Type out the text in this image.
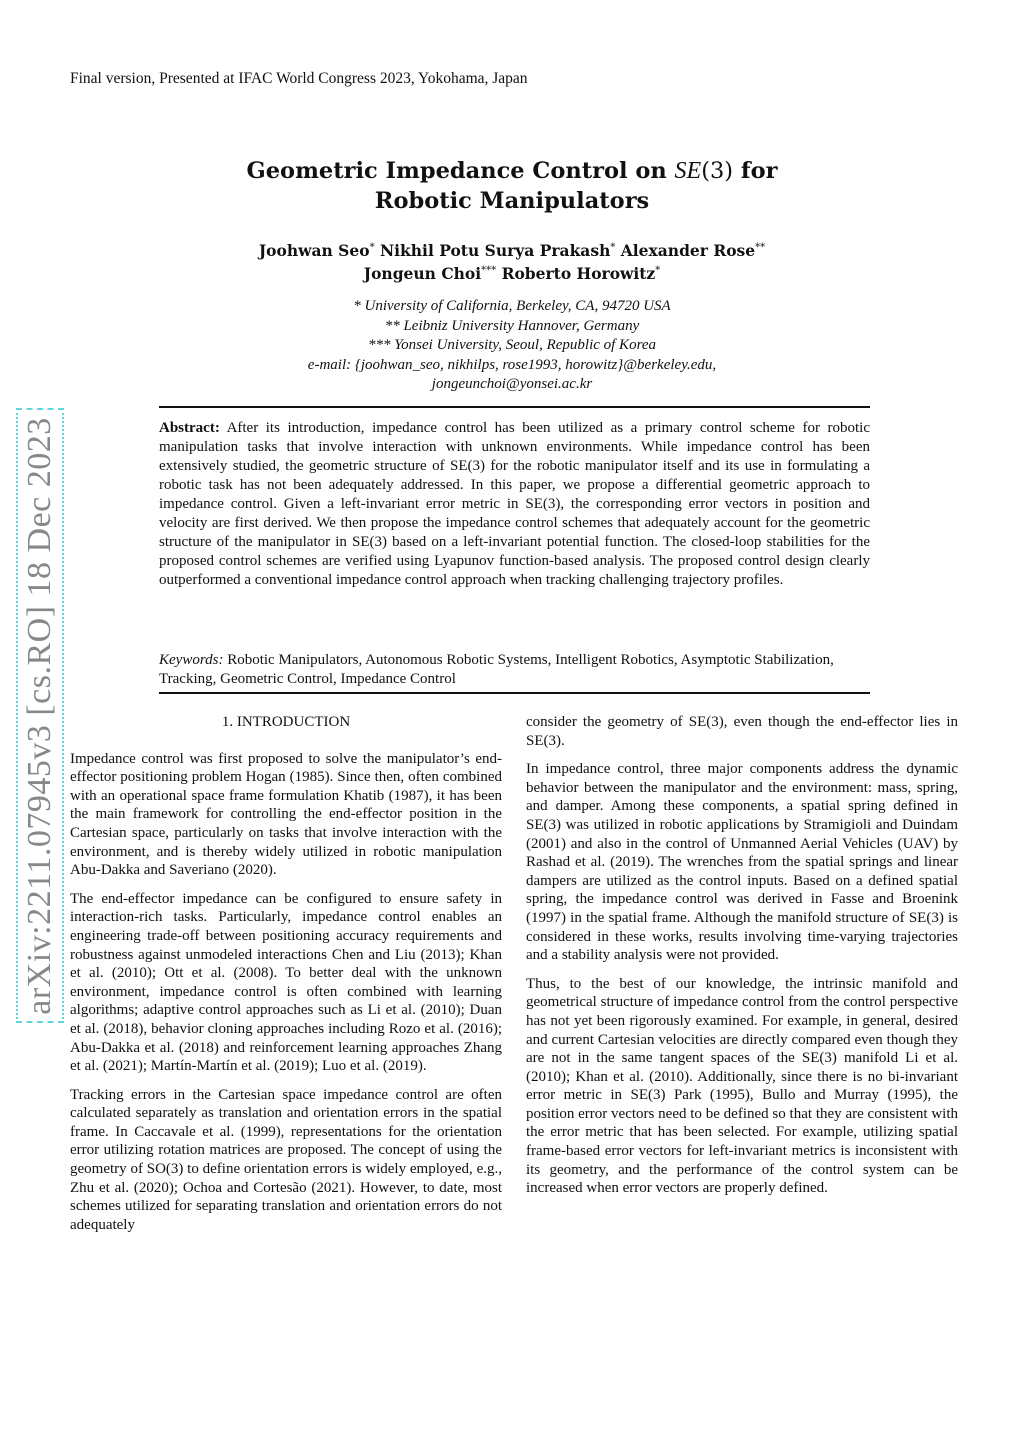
Final version, Presented at IFAC World Congress 2023, Yokohama, Japan
arXiv:2211.07945v3 [cs.RO] 18 Dec 2023
Geometric Impedance Control on SE(3) for
Robotic Manipulators
Joohwan Seo* Nikhil Potu Surya Prakash* Alexander Rose**
Jongeun Choi*** Roberto Horowitz*
* University of California, Berkeley, CA, 94720 USA
** Leibniz University Hannover, Germany
*** Yonsei University, Seoul, Republic of Korea
e-mail: {joohwan_seo, nikhilps, rose1993, horowitz}@berkeley.edu,
jongeunchoi@yonsei.ac.kr
Abstract: After its introduction, impedance control has been utilized as a primary control scheme for robotic manipulation tasks that involve interaction with unknown environments. While impedance control has been extensively studied, the geometric structure of SE(3) for the robotic manipulator itself and its use in formulating a robotic task has not been adequately addressed. In this paper, we propose a differential geometric approach to impedance control. Given a left-invariant error metric in SE(3), the corresponding error vectors in position and velocity are first derived. We then propose the impedance control schemes that adequately account for the geometric structure of the manipulator in SE(3) based on a left-invariant potential function. The closed-loop stabilities for the proposed control schemes are verified using Lyapunov function-based analysis. The proposed control design clearly outperformed a conventional impedance control approach when tracking challenging trajectory profiles.
Keywords: Robotic Manipulators, Autonomous Robotic Systems, Intelligent Robotics, Asymptotic Stabilization, Tracking, Geometric Control, Impedance Control
1. INTRODUCTION

Impedance control was first proposed to solve the manipulator’s end-effector positioning problem Hogan (1985). Since then, often combined with an operational space frame formulation Khatib (1987), it has been the main framework for controlling the end-effector position in the Cartesian space, particularly on tasks that involve interaction with the environment, and is thereby widely utilized in robotic manipulation Abu-Dakka and Saveriano (2020).

The end-effector impedance can be configured to ensure safety in interaction-rich tasks. Particularly, impedance control enables an engineering trade-off between positioning accuracy requirements and robustness against unmodeled interactions Chen and Liu (2013); Khan et al. (2010); Ott et al. (2008). To better deal with the unknown environment, impedance control is often combined with learning algorithms; adaptive control approaches such as Li et al. (2010); Duan et al. (2018), behavior cloning approaches including Rozo et al. (2016); Abu-Dakka et al. (2018) and reinforcement learning approaches Zhang et al. (2021); Martín-Martín et al. (2019); Luo et al. (2019).

Tracking errors in the Cartesian space impedance control are often calculated separately as translation and orientation errors in the spatial frame. In Caccavale et al. (1999), representations for the orientation error utilizing rotation matrices are proposed. The concept of using the geometry of SO(3) to define orientation errors is widely employed, e.g., Zhu et al. (2020); Ochoa and Cortesão (2021). However, to date, most schemes utilized for separating translation and orientation errors do not adequately

consider the geometry of SE(3), even though the end-effector lies in SE(3).

In impedance control, three major components address the dynamic behavior between the manipulator and the environment: mass, spring, and damper. Among these components, a spatial spring defined in SE(3) was utilized in robotic applications by Stramigioli and Duindam (2001) and also in the control of Unmanned Aerial Vehicles (UAV) by Rashad et al. (2019). The wrenches from the spatial springs and linear dampers are utilized as the control inputs. Based on a defined spatial spring, the impedance control was derived in Fasse and Broenink (1997) in the spatial frame. Although the manifold structure of SE(3) is considered in these works, results involving time-varying trajectories and a stability analysis were not provided.

Thus, to the best of our knowledge, the intrinsic manifold and geometrical structure of impedance control from the control perspective has not yet been rigorously examined. For example, in general, desired and current Cartesian velocities are directly compared even though they are not in the same tangent spaces of the SE(3) manifold Li et al. (2010); Khan et al. (2010). Additionally, since there is no bi-invariant error metric in SE(3) Park (1995), Bullo and Murray (1995), the position error vectors need to be defined so that they are consistent with the error metric that has been selected. For example, utilizing spatial frame-based error vectors for left-invariant metrics is inconsistent with its geometry, and the performance of the control system can be increased when error vectors are properly defined.
